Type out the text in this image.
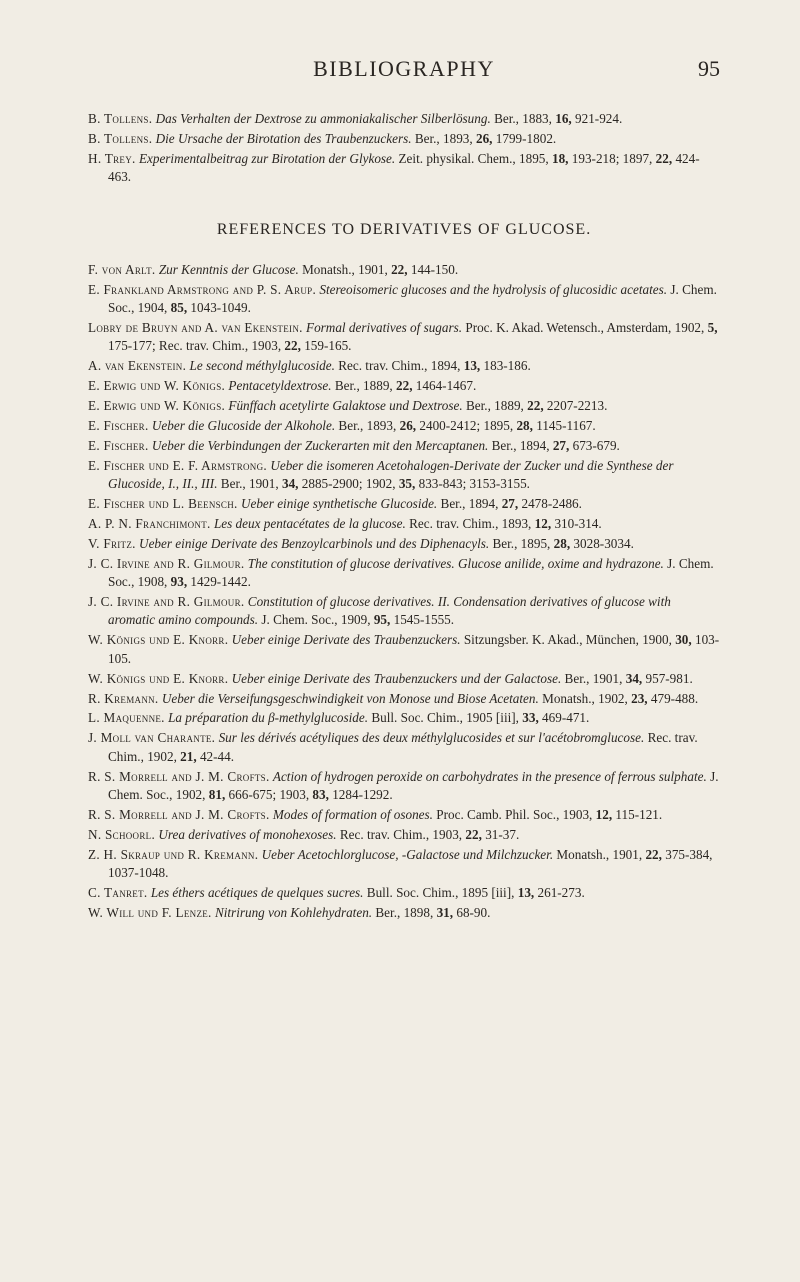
BIBLIOGRAPHY	95
B. Tollens. Das Verhalten der Dextrose zu ammoniakalischer Silberlösung. Ber., 1883, 16, 921-924.
B. Tollens. Die Ursache der Birotation des Traubenzuckers. Ber., 1893, 26, 1799-1802.
H. Trey. Experimentalbeitrag zur Birotation der Glykose. Zeit. physikal. Chem., 1895, 18, 193-218; 1897, 22, 424-463.
REFERENCES TO DERIVATIVES OF GLUCOSE.
F. von Arlt. Zur Kenntnis der Glucose. Monatsh., 1901, 22, 144-150.
E. Frankland Armstrong and P. S. Arup. Stereoisomeric glucoses and the hydrolysis of glucosidic acetates. J. Chem. Soc., 1904, 85, 1043-1049.
Lobry de Bruyn and A. van Ekenstein. Formal derivatives of sugars. Proc. K. Akad. Wetensch., Amsterdam, 1902, 5, 175-177; Rec. trav. Chim., 1903, 22, 159-165.
A. van Ekenstein. Le second méthylglucoside. Rec. trav. Chim., 1894, 13, 183-186.
E. Erwig und W. Königs. Pentacetyldextrose. Ber., 1889, 22, 1464-1467.
E. Erwig und W. Königs. Fünffach acetylirte Galaktose und Dextrose. Ber., 1889, 22, 2207-2213.
E. Fischer. Ueber die Glucoside der Alkohole. Ber., 1893, 26, 2400-2412; 1895, 28, 1145-1167.
E. Fischer. Ueber die Verbindungen der Zuckerarten mit den Mercaptanen. Ber., 1894, 27, 673-679.
E. Fischer und E. F. Armstrong. Ueber die isomeren Acetohalogen-Derivate der Zucker und die Synthese der Glucoside, I., II., III. Ber., 1901, 34, 2885-2900; 1902, 35, 833-843; 3153-3155.
E. Fischer und L. Beensch. Ueber einige synthetische Glucoside. Ber., 1894, 27, 2478-2486.
A. P. N. Franchimont. Les deux pentacétates de la glucose. Rec. trav. Chim., 1893, 12, 310-314.
V. Fritz. Ueber einige Derivate des Benzoylcarbinols und des Diphenacyls. Ber., 1895, 28, 3028-3034.
J. C. Irvine and R. Gilmour. The constitution of glucose derivatives. Glucose anilide, oxime and hydrazone. J. Chem. Soc., 1908, 93, 1429-1442.
J. C. Irvine and R. Gilmour. Constitution of glucose derivatives. II. Condensation derivatives of glucose with aromatic amino compounds. J. Chem. Soc., 1909, 95, 1545-1555.
W. Königs und E. Knorr. Ueber einige Derivate des Traubenzuckers. Sitzungsber. K. Akad., München, 1900, 30, 103-105.
W. Königs und E. Knorr. Ueber einige Derivate des Traubenzuckers und der Galactose. Ber., 1901, 34, 957-981.
R. Kremann. Ueber die Verseifungsgeschwindigkeit von Monose und Biose Acetaten. Monatsh., 1902, 23, 479-488.
L. Maquenne. La préparation du β-methylglucoside. Bull. Soc. Chim., 1905 [iii], 33, 469-471.
J. Moll van Charante. Sur les dérivés acétyliques des deux méthylglucosides et sur l'acétobromglucose. Rec. trav. Chim., 1902, 21, 42-44.
R. S. Morrell and J. M. Crofts. Action of hydrogen peroxide on carbohydrates in the presence of ferrous sulphate. J. Chem. Soc., 1902, 81, 666-675; 1903, 83, 1284-1292.
R. S. Morrell and J. M. Crofts. Modes of formation of osones. Proc. Camb. Phil. Soc., 1903, 12, 115-121.
N. Schoorl. Urea derivatives of monohexoses. Rec. trav. Chim., 1903, 22, 31-37.
Z. H. Skraup und R. Kremann. Ueber Acetochlorglucose, -Galactose und Milchzucker. Monatsh., 1901, 22, 375-384, 1037-1048.
C. Tanret. Les éthers acétiques de quelques sucres. Bull. Soc. Chim., 1895 [iii], 13, 261-273.
W. Will und F. Lenze. Nitrirung von Kohlehydraten. Ber., 1898, 31, 68-90.
